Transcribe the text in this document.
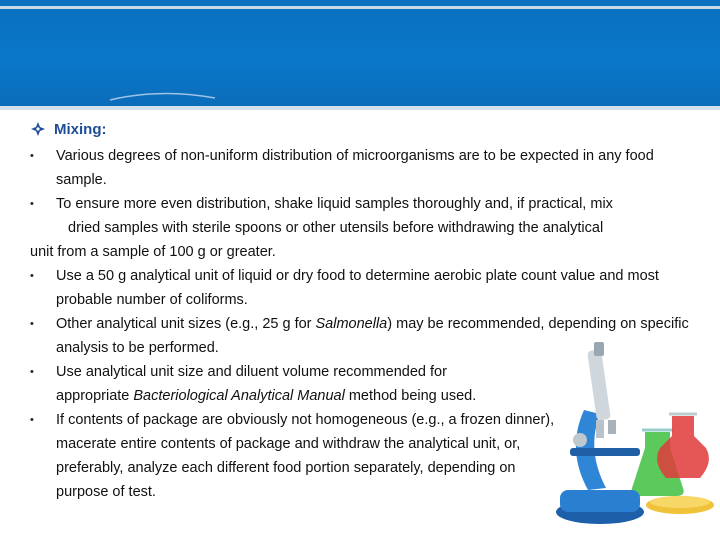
Mixing:
• Various degrees of non-uniform distribution of microorganisms are to be expected in any food sample.
• To ensure more even distribution, shake liquid samples thoroughly and, if practical, mix
dried samples with sterile spoons or other utensils before withdrawing the analytical
unit from a sample of 100 g or greater.
• Use a 50 g analytical unit of liquid or dry food to determine aerobic plate count value and most probable number of coliforms.
• Other analytical unit sizes (e.g., 25 g for Salmonella) may be recommended, depending on specific analysis to be performed.
• Use analytical unit size and diluent volume recommended for
appropriate Bacteriological Analytical Manual method being used.
• If contents of package are obviously not homogeneous (e.g., a frozen dinner), macerate entire contents of package and withdraw the analytical unit, or, preferably, analyze each different food portion separately, depending on purpose of test.
